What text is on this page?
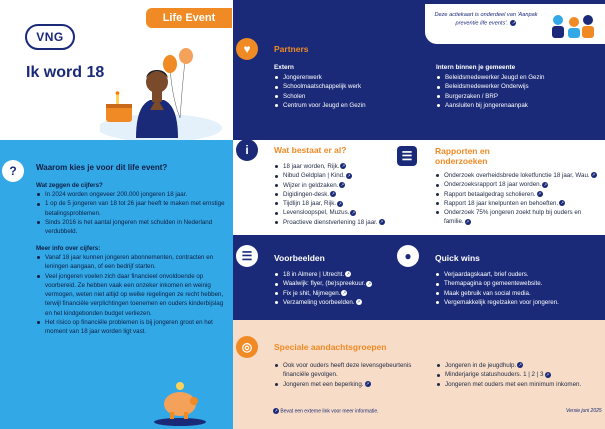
VNG
Life Event
Ik word 18
♥	Partners
Extern
Jongerenwerk
Schoolmaatschappelijk werk
Scholen
Centrum voor Jeugd en Gezin
Intern binnen je gemeente
Beleidsmedewerker Jeugd en Gezin
Beleidsmedewerker Onderwijs
Burgerzaken / BRP
Aansluiten bij jongerenaanpak
Deze actiekaart is onderdeel van 'Aanpak preventie life events'. ↗
?	Waarom kies je voor dit life event?
Wat zeggen de cijfers?
In 2024 worden ongeveer 200.000 jongeren 18 jaar.
1 op de 5 jongeren van 18 tot 26 jaar heeft te maken met ernstige betalingsproblemen.
Sinds 2016 is het aantal jongeren met schulden in Nederland verdubbeld.
Meer info over cijfers:
Vanaf 18 jaar kunnen jongeren abonnementen, contracten en leningen aangaan, of een bedrijf starten.
Veel jongeren voelen zich daar financieel onvoldoende op voorbereid. Ze hebben vaak een onzeker inkomen en weinig vermogen, weten niet altijd op welke regelingen ze recht hebben, terwijl financiële verplichtingen toenemen en ouders kinderbijslag en het kindgebonden budget verliezen.
Het risico op financiële problemen is bij jongeren groot en het moment van 18 jaar worden ligt vast.
i	Wat bestaat er al?
18 jaar worden, Rijk. ↗
Nibud Geldplan | Kind. ↗
Wijzer in geldzaken. ↗
Digidingen-desk. ↗
Tijdlijn 18 jaar, Rijk. ↗
Levensloopspel, Muzus. ↗
Proactieve dienstverlening 18 jaar. ↗
☰	Rapporten en
onderzoeken
Onderzoek overheidsbrede loketfunctie 18 jaar, Wau. ↗
Onderzoeksrapport 18 jaar worden. ↗
Rapport betaalgedrag scholieren. ↗
Rapport 18 jaar knelpunten en behoeften. ↗
Onderzoek 75% jongeren zoekt hulp bij ouders en familie. ↗
☰	Voorbeelden
18 in Almere | Utrecht. ↗
Waalwijk: flyer, (be)spreekuur. ↗
Fix je shit, Nijmegen. ↗
Verzameling voorbeelden. ↗
●	Quick wins
Verjaardagskaart, brief ouders.
Themapagina op gemeentewebsite.
Maak gebruik van social media.
Vergemakkelijk regelzaken voor jongeren.
◎	Speciale aandachtsgroepen
Ook voor ouders heeft deze levensgebeurtenis financiële gevolgen.
Jongeren met een beperking. ↗
Jongeren in de jeugdhulp. ↗
Minderjarige statushouders. 1 | 2 | 3 ↗
Jongeren met ouders met een minimum inkomen.
↗ Bevat een externe link voor meer informatie.	Versie juni 2025
